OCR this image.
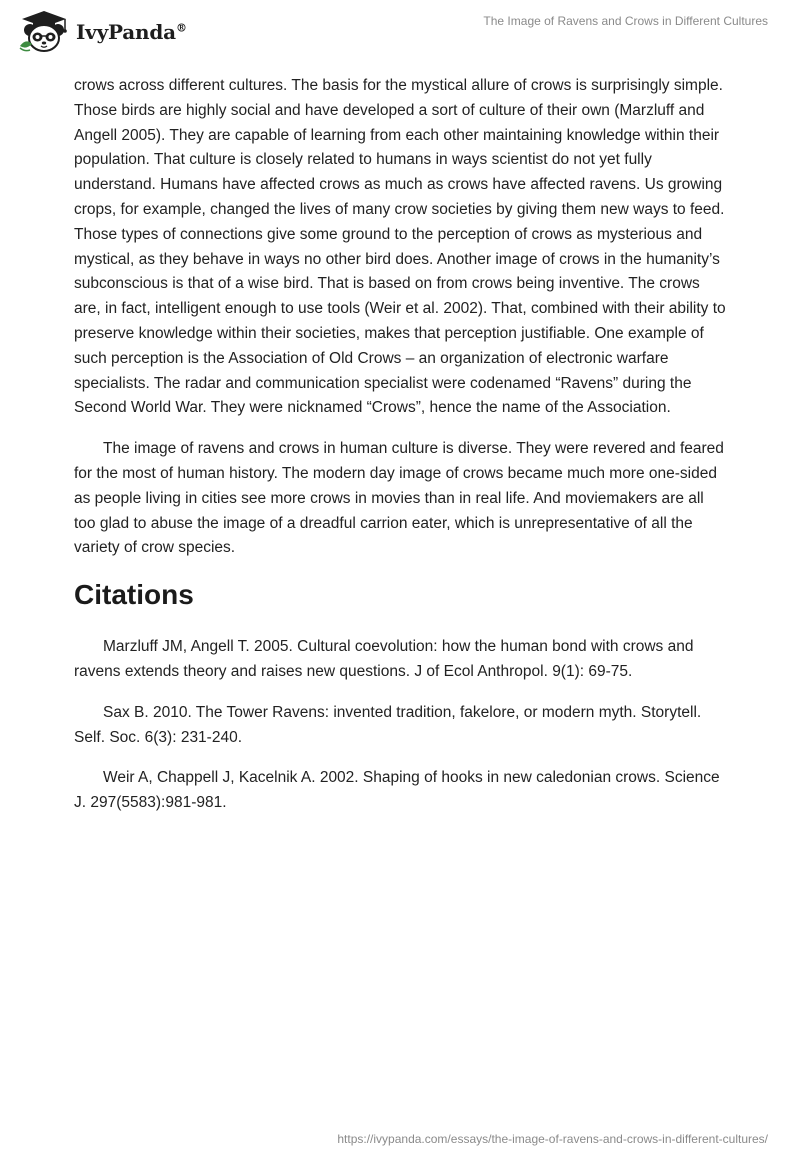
IvyPanda®	The Image of Ravens and Crows in Different Cultures

crows across different cultures. The basis for the mystical allure of crows is surprisingly simple. Those birds are highly social and have developed a sort of culture of their own (Marzluff and Angell 2005). They are capable of learning from each other maintaining knowledge within their population. That culture is closely related to humans in ways scientist do not yet fully understand. Humans have affected crows as much as crows have affected ravens. Us growing crops, for example, changed the lives of many crow societies by giving them new ways to feed. Those types of connections give some ground to the perception of crows as mysterious and mystical, as they behave in ways no other bird does. Another image of crows in the humanity’s subconscious is that of a wise bird. That is based on from crows being inventive. The crows are, in fact, intelligent enough to use tools (Weir et al. 2002). That, combined with their ability to preserve knowledge within their societies, makes that perception justifiable. One example of such perception is the Association of Old Crows – an organization of electronic warfare specialists. The radar and communication specialist were codenamed “Ravens” during the Second World War. They were nicknamed “Crows”, hence the name of the Association.

The image of ravens and crows in human culture is diverse. They were revered and feared for the most of human history. The modern day image of crows became much more one-sided as people living in cities see more crows in movies than in real life. And moviemakers are all too glad to abuse the image of a dreadful carrion eater, which is unrepresentative of all the variety of crow species.

Citations

Marzluff JM, Angell T. 2005. Cultural coevolution: how the human bond with crows and ravens extends theory and raises new questions. J of Ecol Anthropol. 9(1): 69-75.

Sax B. 2010. The Tower Ravens: invented tradition, fakelore, or modern myth. Storytell. Self. Soc. 6(3): 231-240.

Weir A, Chappell J, Kacelnik A. 2002. Shaping of hooks in new caledonian crows. Science J. 297(5583):981-981.

https://ivypanda.com/essays/the-image-of-ravens-and-crows-in-different-cultures/
